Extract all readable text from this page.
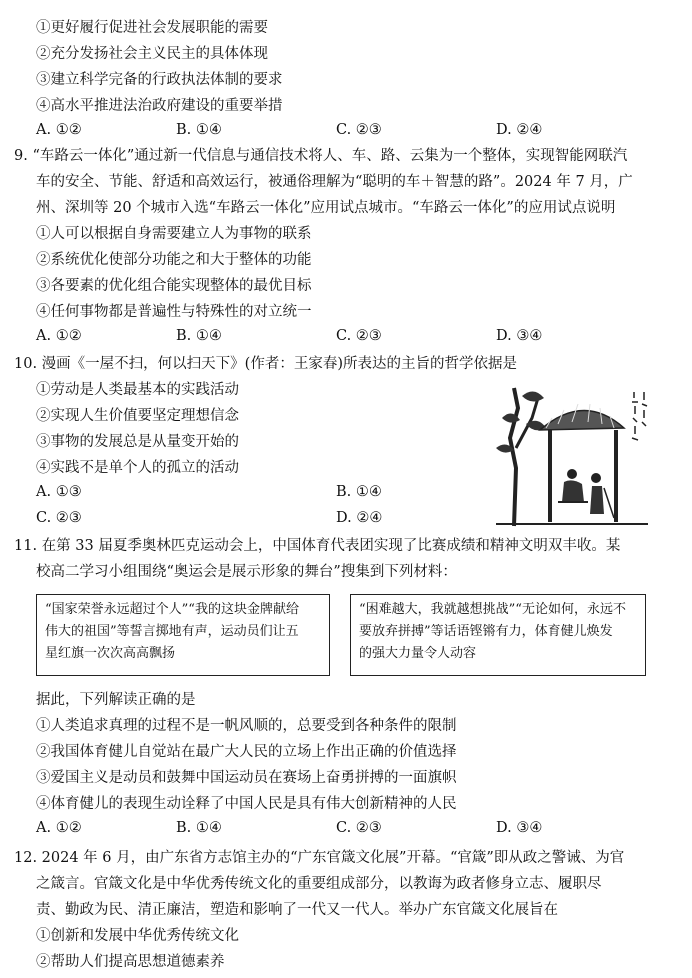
①更好履行促进社会发展职能的需要
②充分发扬社会主义民主的具体体现
③建立科学完备的行政执法体制的要求
④高水平推进法治政府建设的重要举措
A. ①②	B. ①④	C. ②③	D. ②④
9. “车路云一体化”通过新一代信息与通信技术将人、车、路、云集为一个整体，实现智能网联汽
车的安全、节能、舒适和高效运行，被通俗理解为“聪明的车＋智慧的路”。2024 年 7 月，广
州、深圳等 20 个城市入选“车路云一体化”应用试点城市。“车路云一体化”的应用试点说明
①人可以根据自身需要建立人为事物的联系
②系统优化使部分功能之和大于整体的功能
③各要素的优化组合能实现整体的最优目标
④任何事物都是普遍性与特殊性的对立统一
A. ①②	B. ①④	C. ②③	D. ③④
10. 漫画《一屋不扫，何以扫天下》(作者：王家春)所表达的主旨的哲学依据是
①劳动是人类最基本的实践活动
②实现人生价值要坚定理想信念
③事物的发展总是从量变开始的
④实践不是单个人的孤立的活动
A. ①③	B. ①④
C. ②③	D. ②④
11. 在第 33 届夏季奥林匹克运动会上，中国体育代表团实现了比赛成绩和精神文明双丰收。某
校高二学习小组围绕“奥运会是展示形象的舞台”搜集到下列材料：
“国家荣誉永远超过个人”“我的这块金牌献给
伟大的祖国”等誓言掷地有声，运动员们让五
星红旗一次次高高飘扬
“困难越大，我就越想挑战”“无论如何，永远不
要放弃拼搏”等话语铿锵有力，体育健儿焕发
的强大力量令人动容
据此，下列解读正确的是
①人类追求真理的过程不是一帆风顺的，总要受到各种条件的限制
②我国体育健儿自觉站在最广大人民的立场上作出正确的价值选择
③爱国主义是动员和鼓舞中国运动员在赛场上奋勇拼搏的一面旗帜
④体育健儿的表现生动诠释了中国人民是具有伟大创新精神的人民
A. ①②	B. ①④	C. ②③	D. ③④
12. 2024 年 6 月，由广东省方志馆主办的“广东官箴文化展”开幕。“官箴”即从政之警诫、为官
之箴言。官箴文化是中华优秀传统文化的重要组成部分，以教诲为政者修身立志、履职尽
责、勤政为民、清正廉洁，塑造和影响了一代又一代人。举办广东官箴文化展旨在
①创新和发展中华优秀传统文化
②帮助人们提高思想道德素养
